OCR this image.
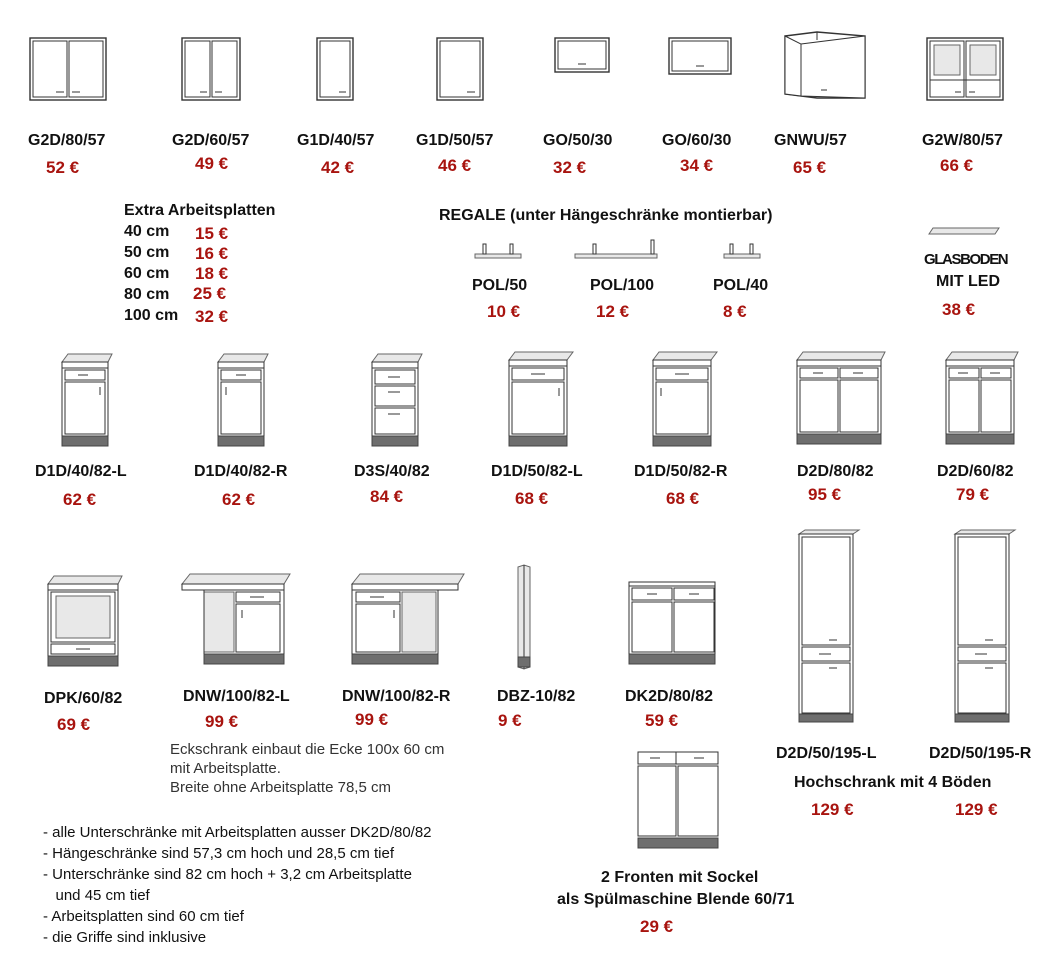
G2D/80/57
52 €
G2D/60/57
49 €
G1D/40/57
42 €
G1D/50/57
46 €
GO/50/30
32 €
GO/60/30
34 €
GNWU/57
65 €
G2W/80/57
66 €
Extra Arbeitsplatten
40 cm 15 €
50 cm 16 €
60 cm 18 €
80 cm 25 €
100 cm 32 €
REGALE (unter Hängeschränke montierbar)
POL/50
10 €
POL/100
12 €
POL/40
8 €
GLASBODEN
MIT LED
38 €
D1D/40/82-L
62 €
D1D/40/82-R
62 €
D3S/40/82
84 €
D1D/50/82-L
68 €
D1D/50/82-R
68 €
D2D/80/82
95 €
D2D/60/82
79 €
DPK/60/82
69 €
DNW/100/82-L
99 €
DNW/100/82-R
99 €
DBZ-10/82
9 €
DK2D/80/82
59 €
Eckschrank einbaut die Ecke 100x 60 cm
mit Arbeitsplatte.
Breite ohne Arbeitsplatte 78,5 cm
D2D/50/195-L	D2D/50/195-R
Hochschrank mit 4 Böden
129 €	129 €
2 Fronten mit Sockel
als Spülmaschine Blende 60/71
29 €
- alle Unterschränke mit Arbeitsplatten ausser DK2D/80/82
- Hängeschränke sind 57,3 cm hoch und 28,5 cm tief
- Unterschränke sind 82 cm hoch + 3,2 cm Arbeitsplatte
und 45 cm tief
- Arbeitsplatten sind 60 cm tief
- die Griffe sind inklusive
